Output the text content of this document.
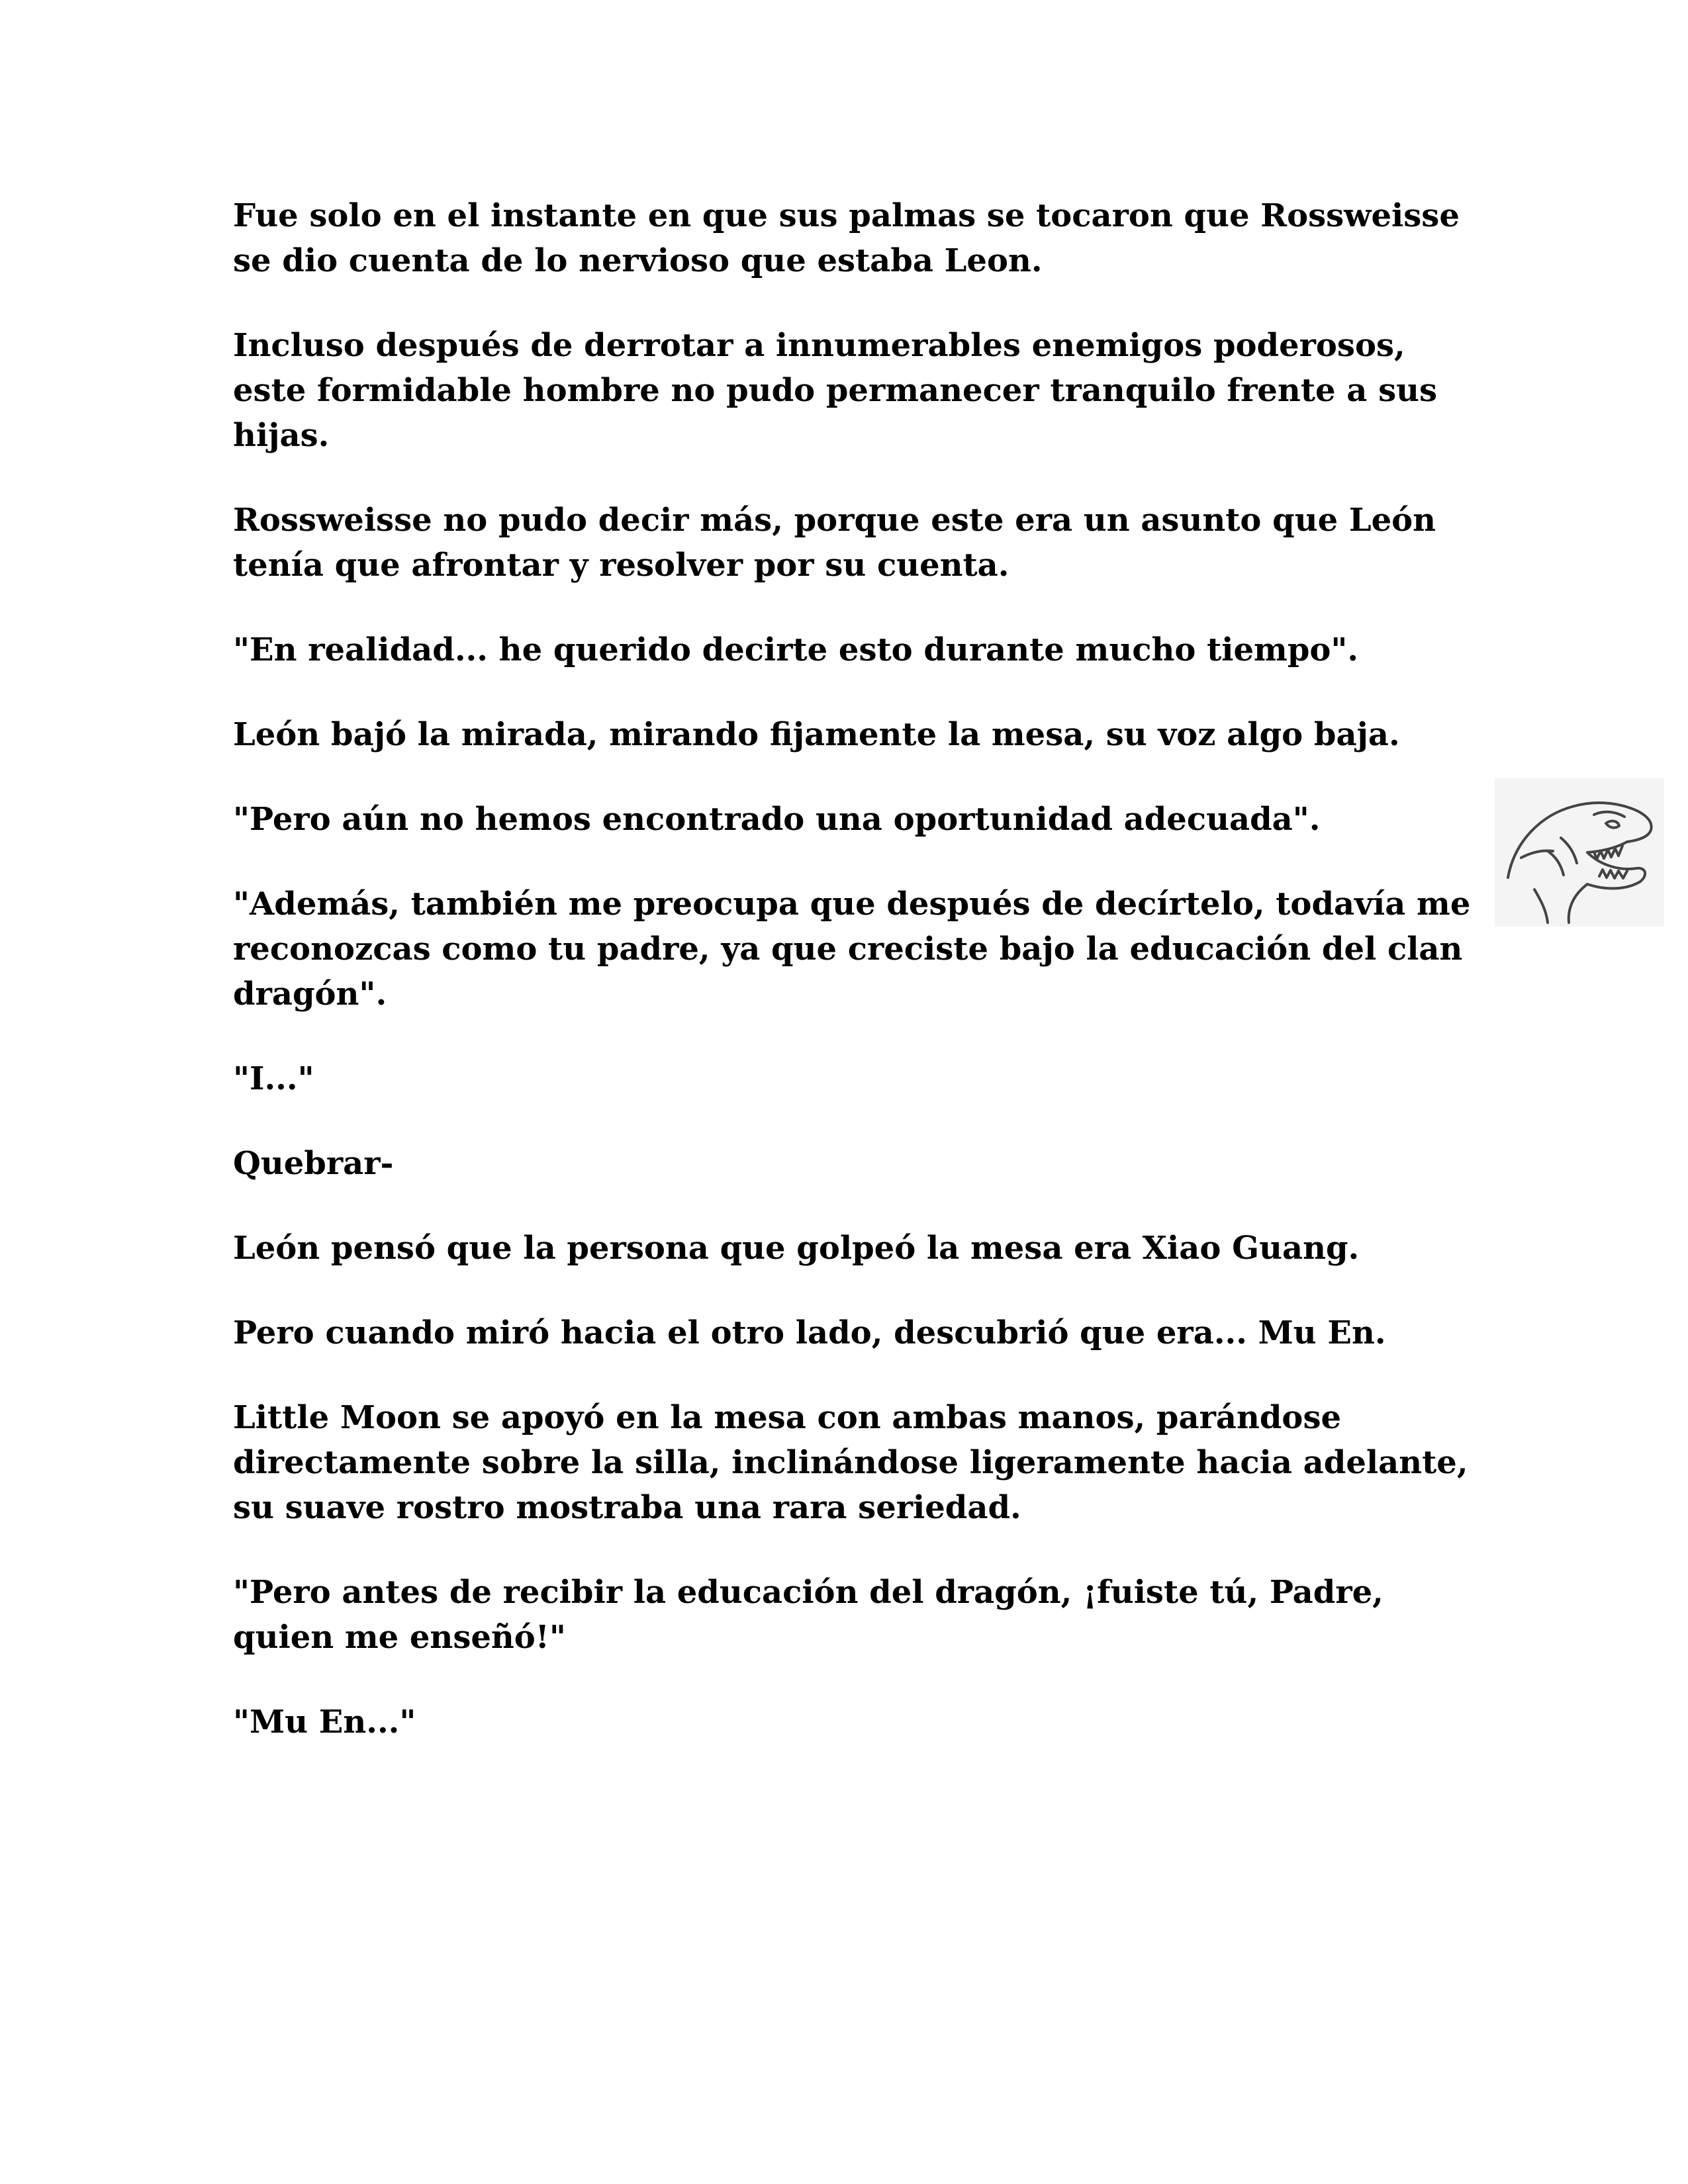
Fue solo en el instante en que sus palmas se tocaron que Rossweisse se dio cuenta de lo nervioso que estaba Leon.

Incluso después de derrotar a innumerables enemigos poderosos, este formidable hombre no pudo permanecer tranquilo frente a sus hijas.

Rossweisse no pudo decir más, porque este era un asunto que León tenía que afrontar y resolver por su cuenta.

"En realidad... he querido decirte esto durante mucho tiempo".

León bajó la mirada, mirando fijamente la mesa, su voz algo baja.

"Pero aún no hemos encontrado una oportunidad adecuada".

"Además, también me preocupa que después de decírtelo, todavía me reconozcas como tu padre, ya que creciste bajo la educación del clan dragón".

"I..."

Quebrar-

León pensó que la persona que golpeó la mesa era Xiao Guang.

Pero cuando miró hacia el otro lado, descubrió que era... Mu En.

Little Moon se apoyó en la mesa con ambas manos, parándose directamente sobre la silla, inclinándose ligeramente hacia adelante, su suave rostro mostraba una rara seriedad.

"Pero antes de recibir la educación del dragón, ¡fuiste tú, Padre, quien me enseñó!"

"Mu En..."
